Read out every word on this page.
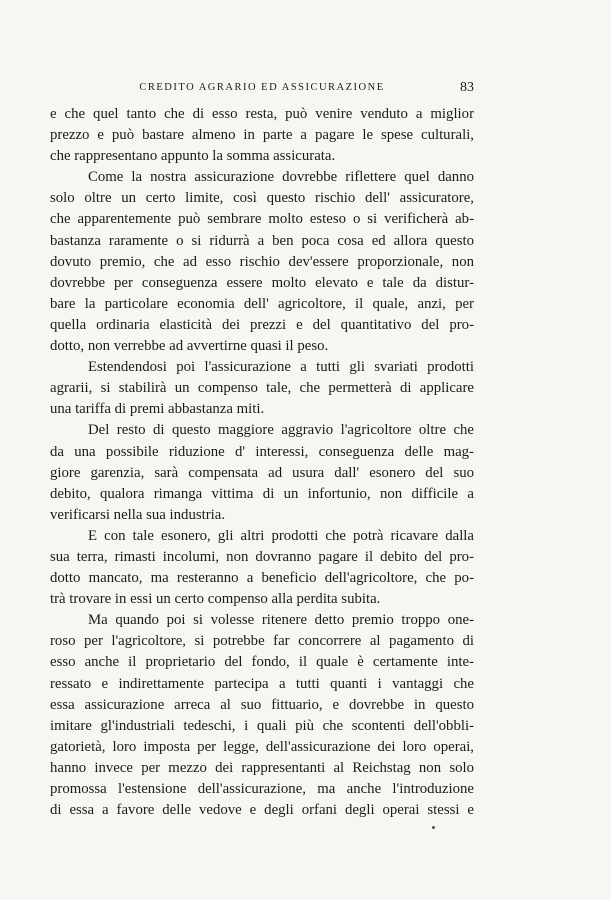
CREDITO AGRARIO ED ASSICURAZIONE	83
e che quel tanto che di esso resta, può venire venduto a miglior
prezzo e può bastare almeno in parte a pagare le spese culturali,
che rappresentano appunto la somma assicurata.
Come la nostra assicurazione dovrebbe riflettere quel danno
solo oltre un certo limite, così questo rischio dell' assicuratore,
che apparentemente può sembrare molto esteso o si verificherà ab-
bastanza raramente o si ridurrà a ben poca cosa ed allora questo
dovuto premio, che ad esso rischio dev'essere proporzionale, non
dovrebbe per conseguenza essere molto elevato e tale da distur-
bare la particolare economia dell' agricoltore, il quale, anzi, per
quella ordinaria elasticità dei prezzi e del quantitativo del pro-
dotto, non verrebbe ad avvertirne quasi il peso.
Estendendosi poi l'assicurazione a tutti gli svariati prodotti
agrarii, si stabilirà un compenso tale, che permetterà di applicare
una tariffa di premi abbastanza miti.
Del resto di questo maggiore aggravio l'agricoltore oltre che
da una possibile riduzione d' interessi, conseguenza delle mag-
giore garenzia, sarà compensata ad usura dall' esonero del suo
debito, qualora rimanga vittima di un infortunio, non difficile a
verificarsi nella sua industria.
E con tale esonero, gli altri prodotti che potrà ricavare dalla
sua terra, rimasti incolumi, non dovranno pagare il debito del pro-
dotto mancato, ma resteranno a beneficio dell'agricoltore, che po-
trà trovare in essi un certo compenso alla perdita subita.
Ma quando poi si volesse ritenere detto premio troppo one-
roso per l'agricoltore, si potrebbe far concorrere al pagamento di
esso anche il proprietario del fondo, il quale è certamente inte-
ressato e indirettamente partecipa a tutti quanti i vantaggi che
essa assicurazione arreca al suo fittuario, e dovrebbe in questo
imitare gl'industriali tedeschi, i quali più che scontenti dell'obbli-
gatorietà, loro imposta per legge, dell'assicurazione dei loro operai,
hanno invece per mezzo dei rappresentanti al Reichstag non solo
promossa l'estensione dell'assicurazione, ma anche l'introduzione
di essa a favore delle vedove e degli orfani degli operai stessi e
